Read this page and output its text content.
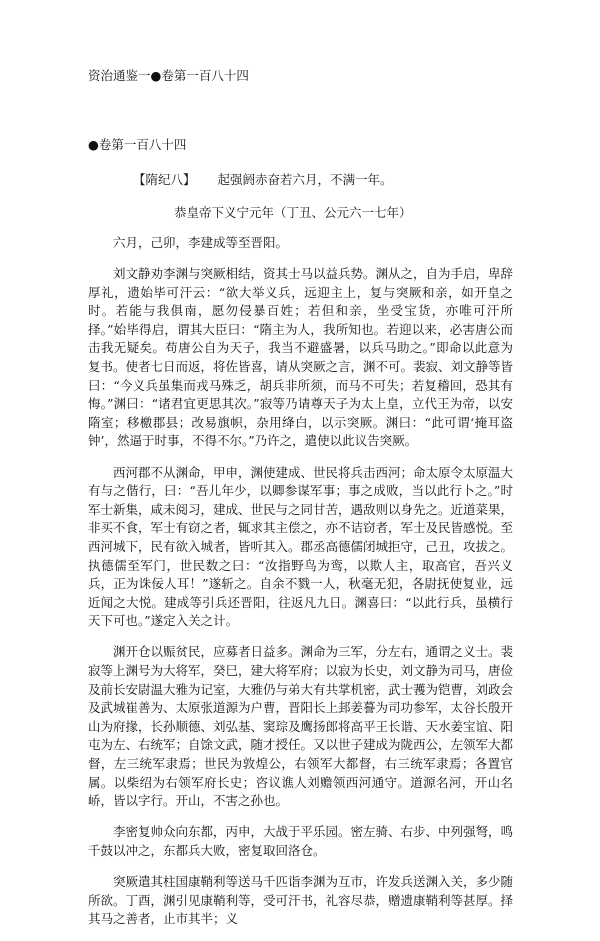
资治通鉴一●卷第一百八十四
●卷第一百八十四
【隋纪八】 起强阏赤奋若六月，不满一年。
恭皇帝下义宁元年（丁丑、公元六一七年）

六月，己卯，李建成等至晋阳。

刘文静劝李渊与突厥相结，资其士马以益兵势。渊从之，自为手启，卑辞厚礼，遗始毕可汗云：“欲大举义兵，远迎主上，复与突厥和亲，如开皇之时。若能与我俱南，愿勿侵暴百姓；若但和亲，坐受宝货，亦唯可汗所择。”始毕得启，谓其大臣曰：“隋主为人，我所知也。若迎以来，必害唐公而击我无疑矣。苟唐公自为天子，我当不避盛暑，以兵马助之。”即命以此意为复书。使者七日而返，将佐皆喜，请从突厥之言，渊不可。裴寂、刘文静等皆曰：“今义兵虽集而戎马殊乏，胡兵非所须，而马不可失；若复稽回，恐其有悔。”渊曰：“诸君宜更思其次。”寂等乃请尊天子为太上皇，立代王为帝，以安隋室；移檄郡县；改易旗帜，杂用绛白，以示突厥。渊曰：“此可谓‘掩耳盗钟’，然逼于时事，不得不尔。”乃许之，遣使以此议告突厥。

西河郡不从渊命，甲申，渊使建成、世民将兵击西河；命太原令太原温大有与之偕行，曰：“吾儿年少，以卿参谋军事；事之成败，当以此行卜之。”时军士新集，咸未阅习，建成、世民与之同甘苦，遇敌则以身先之。近道菜果，非买不食，军士有窃之者，辄求其主偿之，亦不诘窃者，军士及民皆感悦。至西河城下，民有欲入城者，皆听其入。郡丞高德儒闭城拒守，己丑，攻拔之。执德儒至军门，世民数之曰：“汝指野鸟为鸾，以欺人主，取高官，吾兴义兵，正为诛佞人耳！”遂斩之。自余不戮一人，秋毫无犯，各尉抚使复业，远近闻之大悦。建成等引兵还晋阳，往返凡九日。渊喜曰：“以此行兵，虽横行天下可也。”遂定入关之计。

渊开仓以赈贫民，应募者日益多。渊命为三军，分左右，通谓之义士。裴寂等上渊号为大将军，癸巳，建大将军府；以寂为长史，刘文静为司马，唐俭及前长安尉温大雅为记室，大雅仍与弟大有共掌机密，武士彟为铠曹，刘政会及武城崔善为、太原张道源为户曹，晋阳长上邽姜謩为司功参军，太谷长殷开山为府掾，长孙顺德、刘弘基、窦琮及鹰扬郎将高平王长谐、天水姜宝谊、阳屯为左、右统军；自馀文武，随才授任。又以世子建成为陇西公，左领军大都督，左三统军隶焉；世民为敦煌公，右领军大都督，右三统军隶焉；各置官属。以柴绍为右领军府长史；咨议谯人刘赡领西河通守。道源名河，开山名峤，皆以字行。开山，不害之孙也。

李密复帅众向东都，丙申，大战于平乐园。密左骑、右步、中列强弩，鸣千鼓以冲之，东都兵大败，密复取回洛仓。

突厥遣其柱国康鞘利等送马千匹诣李渊为互市，许发兵送渊入关，多少随所欲。丁酉，渊引见康鞘利等，受可汗书，礼容尽恭，赠遗康鞘利等甚厚。择其马之善者，止市其半；义
